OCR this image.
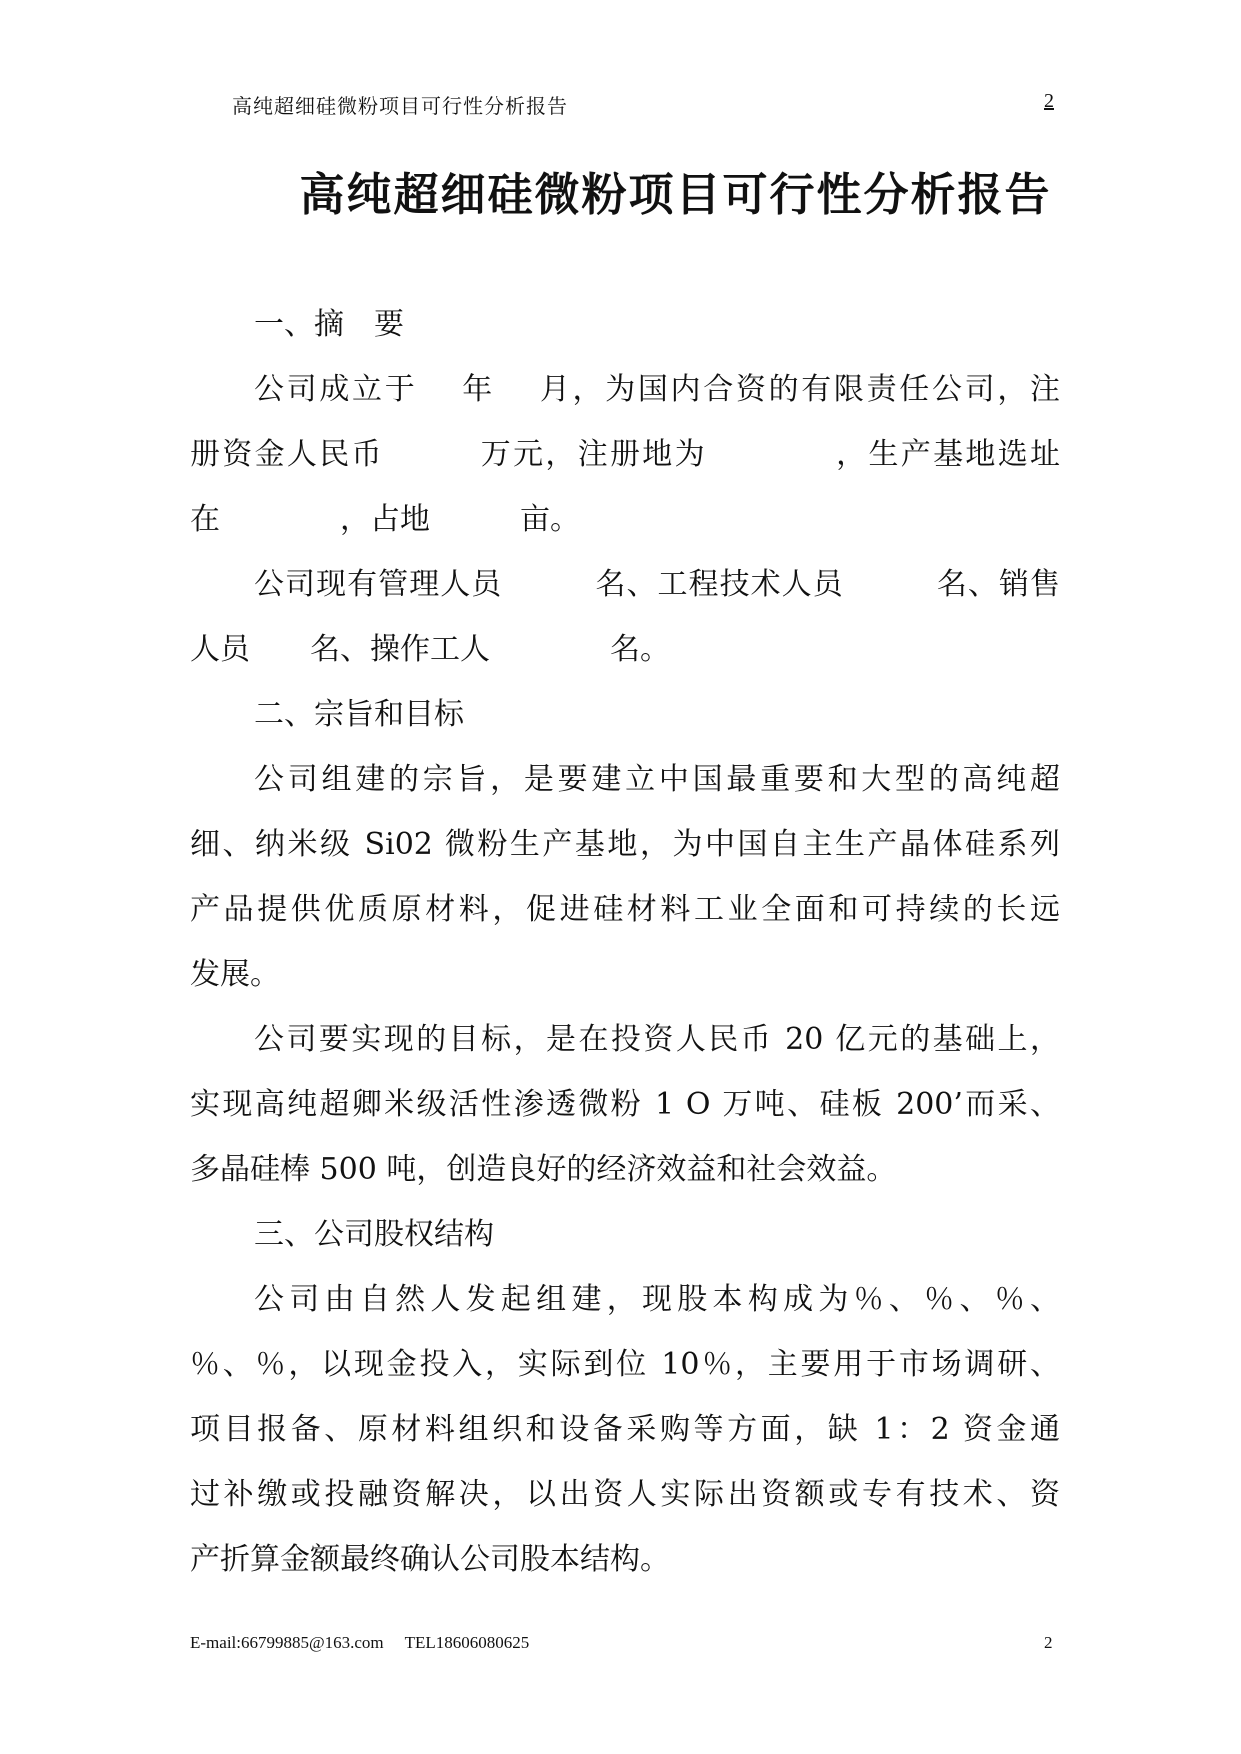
高纯超细硅微粉项目可行性分析报告	2
高纯超细硅微粉项目可行性分析报告
一、摘　要
公司成立于　 年　 月，为国内合资的有限责任公司，注
册资金人民币　　　万元，注册地为　　　　，生产基地选址
在　　　　，占地　　　亩。
公司现有管理人员　　　名、工程技术人员　　　名、销售
人员　　名、操作工人　　　　名。
二、宗旨和目标
公司组建的宗旨，是要建立中国最重要和大型的高纯超
细、纳米级 Si02 微粉生产基地，为中国自主生产晶体硅系列
产品提供优质原材料，促进硅材料工业全面和可持续的长远
发展。
公司要实现的目标，是在投资人民币 20 亿元的基础上，
实现高纯超卿米级活性渗透微粉 1 O 万吨、硅板 200’而采、
多晶硅棒 500 吨，创造良好的经济效益和社会效益。
三、公司股权结构
公司由自然人发起组建，现股本构成为％、％、％、
％、％，以现金投入，实际到位 10％，主要用于市场调研、
项目报备、原材料组织和设备采购等方面，缺 1：2 资金通
过补缴或投融资解决，以出资人实际出资额或专有技术、资
产折算金额最终确认公司股本结构。
E-mail:66799885@163.com     TEL18606080625	2
